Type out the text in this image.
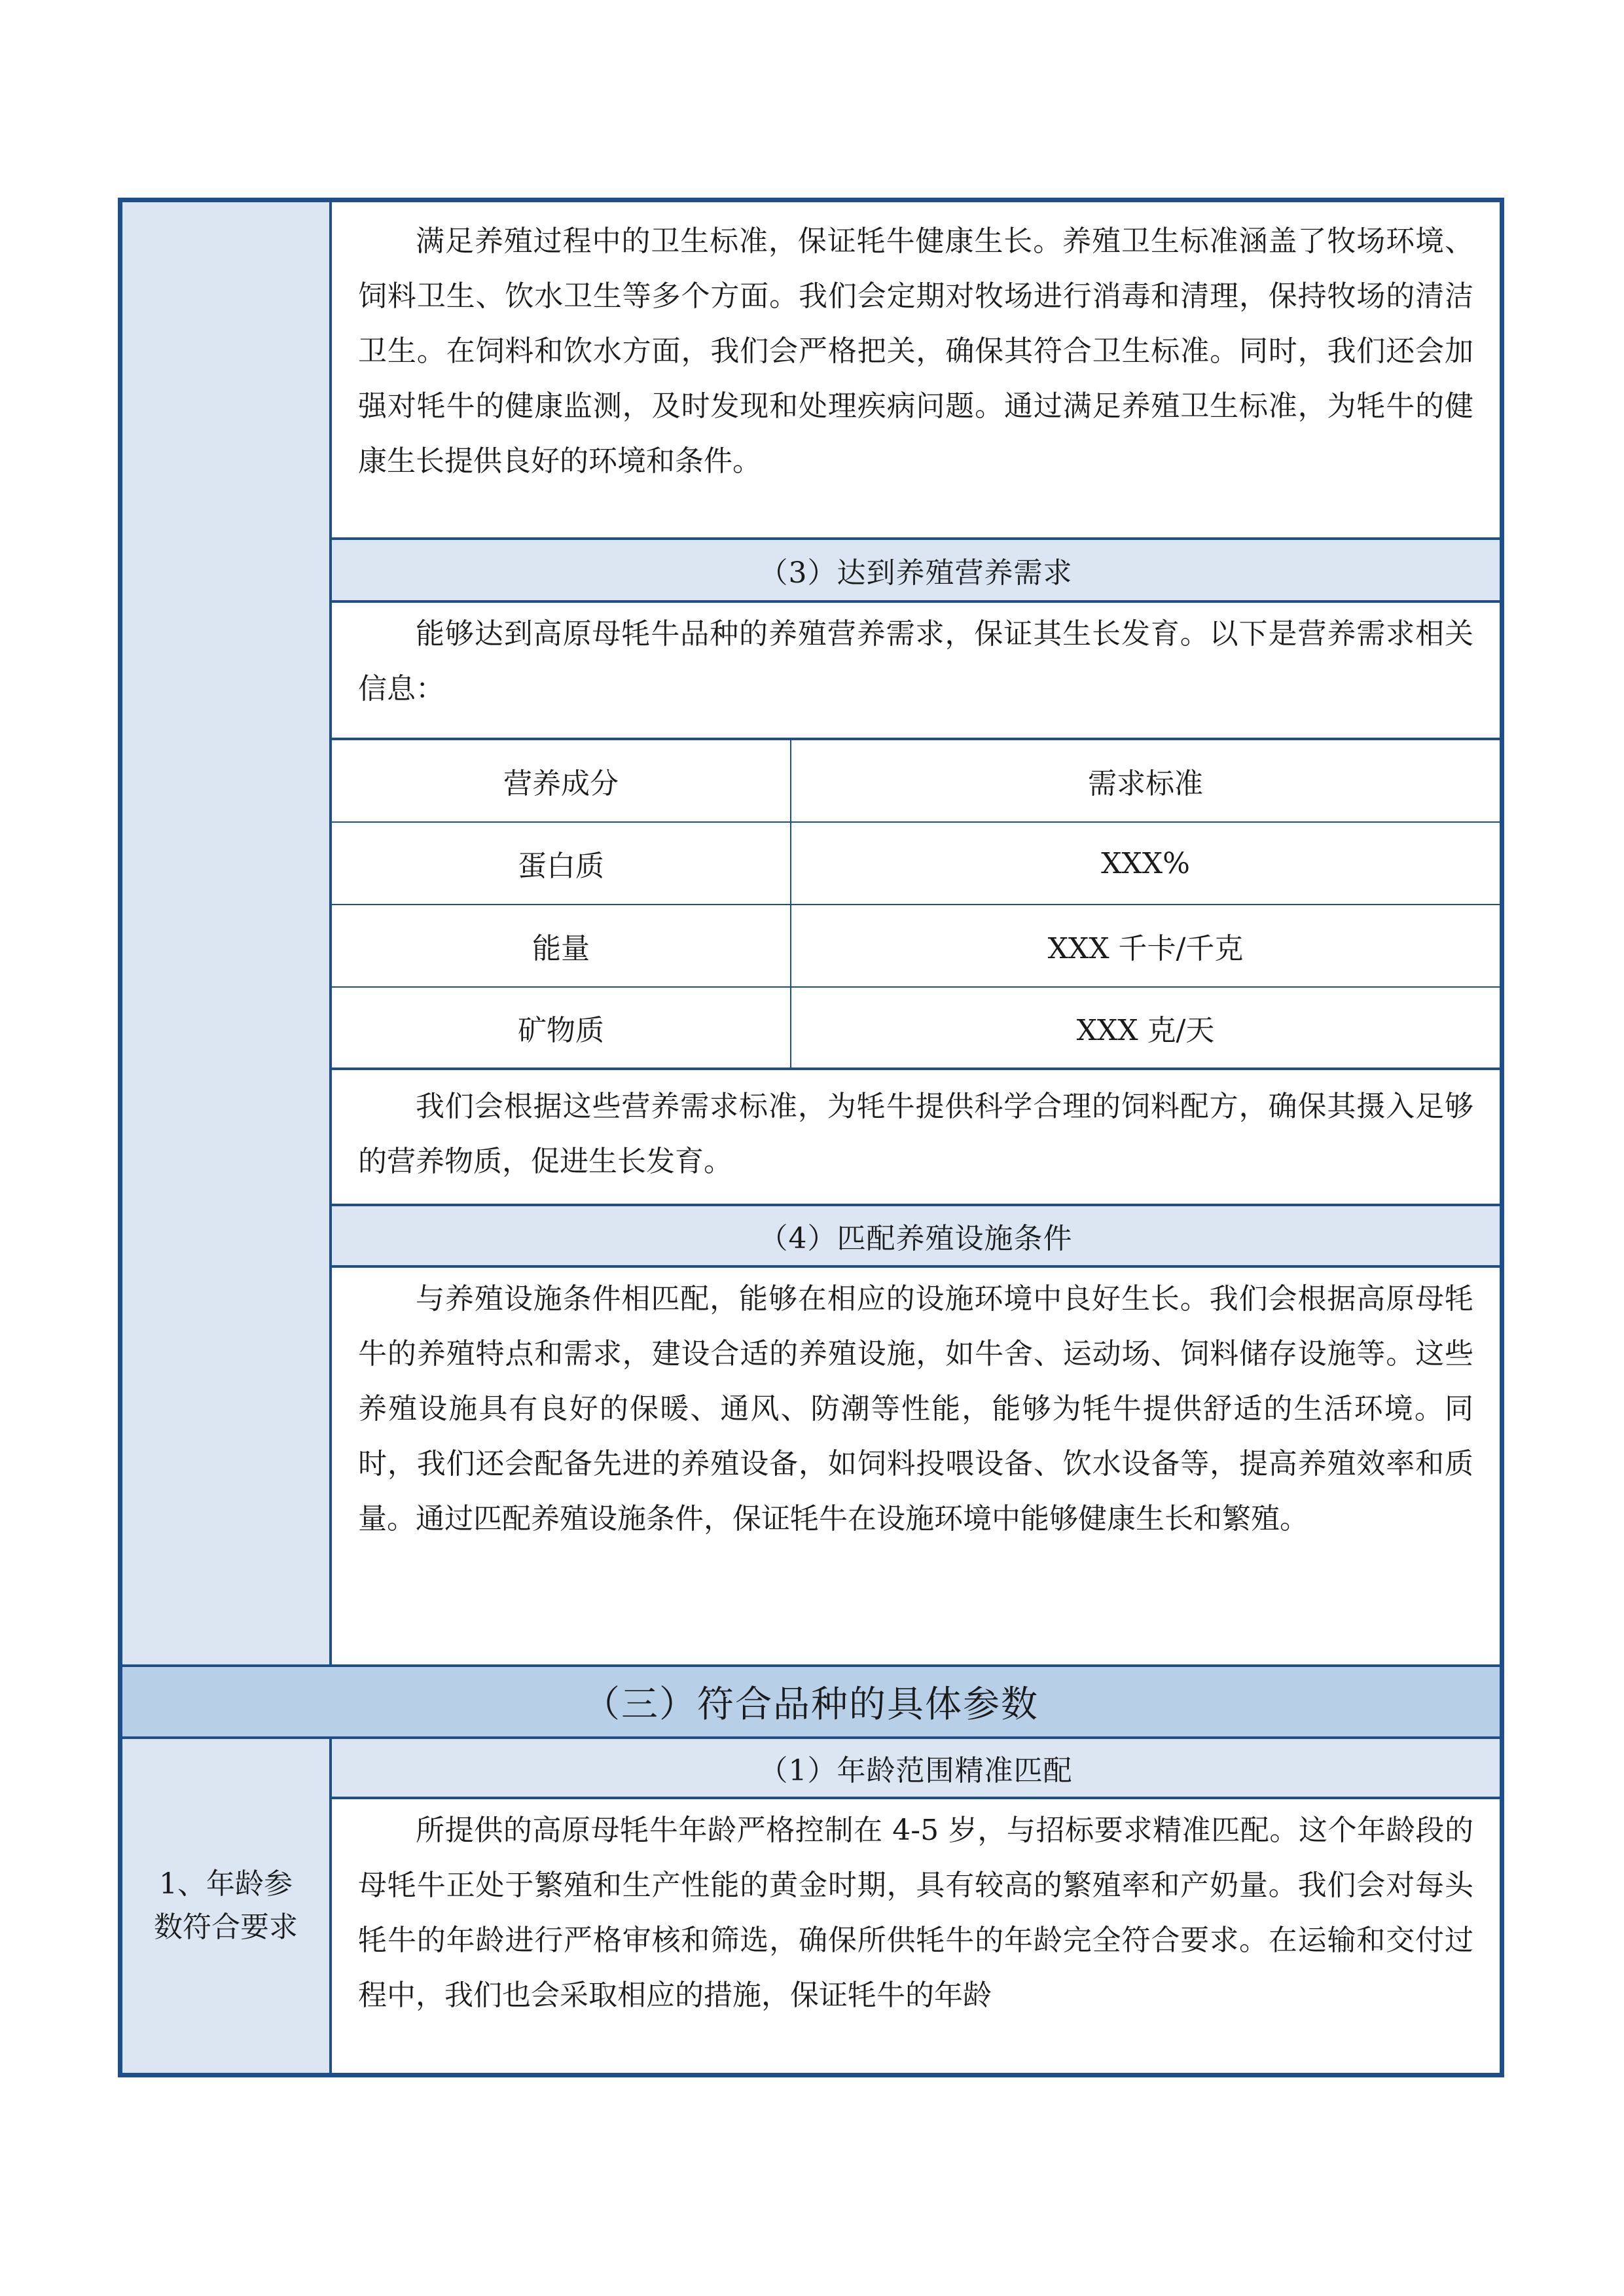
1、年龄参数符合要求
满足养殖过程中的卫生标准，保证牦牛健康生长。养殖卫生标准涵盖了牧场环境、饲料卫生、饮水卫生等多个方面。我们会定期对牧场进行消毒和清理，保持牧场的清洁卫生。在饲料和饮水方面，我们会严格把关，确保其符合卫生标准。同时，我们还会加强对牦牛的健康监测，及时发现和处理疾病问题。通过满足养殖卫生标准，为牦牛的健康生长提供良好的环境和条件。
（3）达到养殖营养需求
能够达到高原母牦牛品种的养殖营养需求，保证其生长发育。以下是营养需求相关信息：
营养成分	需求标准
蛋白质	XXX%
能量	XXX 千卡/千克
矿物质	XXX 克/天
我们会根据这些营养需求标准，为牦牛提供科学合理的饲料配方，确保其摄入足够的营养物质，促进生长发育。
（4）匹配养殖设施条件
与养殖设施条件相匹配，能够在相应的设施环境中良好生长。我们会根据高原母牦牛的养殖特点和需求，建设合适的养殖设施，如牛舍、运动场、饲料储存设施等。这些养殖设施具有良好的保暖、通风、防潮等性能，能够为牦牛提供舒适的生活环境。同时，我们还会配备先进的养殖设备，如饲料投喂设备、饮水设备等，提高养殖效率和质量。通过匹配养殖设施条件，保证牦牛在设施环境中能够健康生长和繁殖。
（三）符合品种的具体参数
（1）年龄范围精准匹配
所提供的高原母牦牛年龄严格控制在 4-5 岁，与招标要求精准匹配。这个年龄段的母牦牛正处于繁殖和生产性能的黄金时期，具有较高的繁殖率和产奶量。我们会对每头牦牛的年龄进行严格审核和筛选，确保所供牦牛的年龄完全符合要求。在运输和交付过程中，我们也会采取相应的措施，保证牦牛的年龄
